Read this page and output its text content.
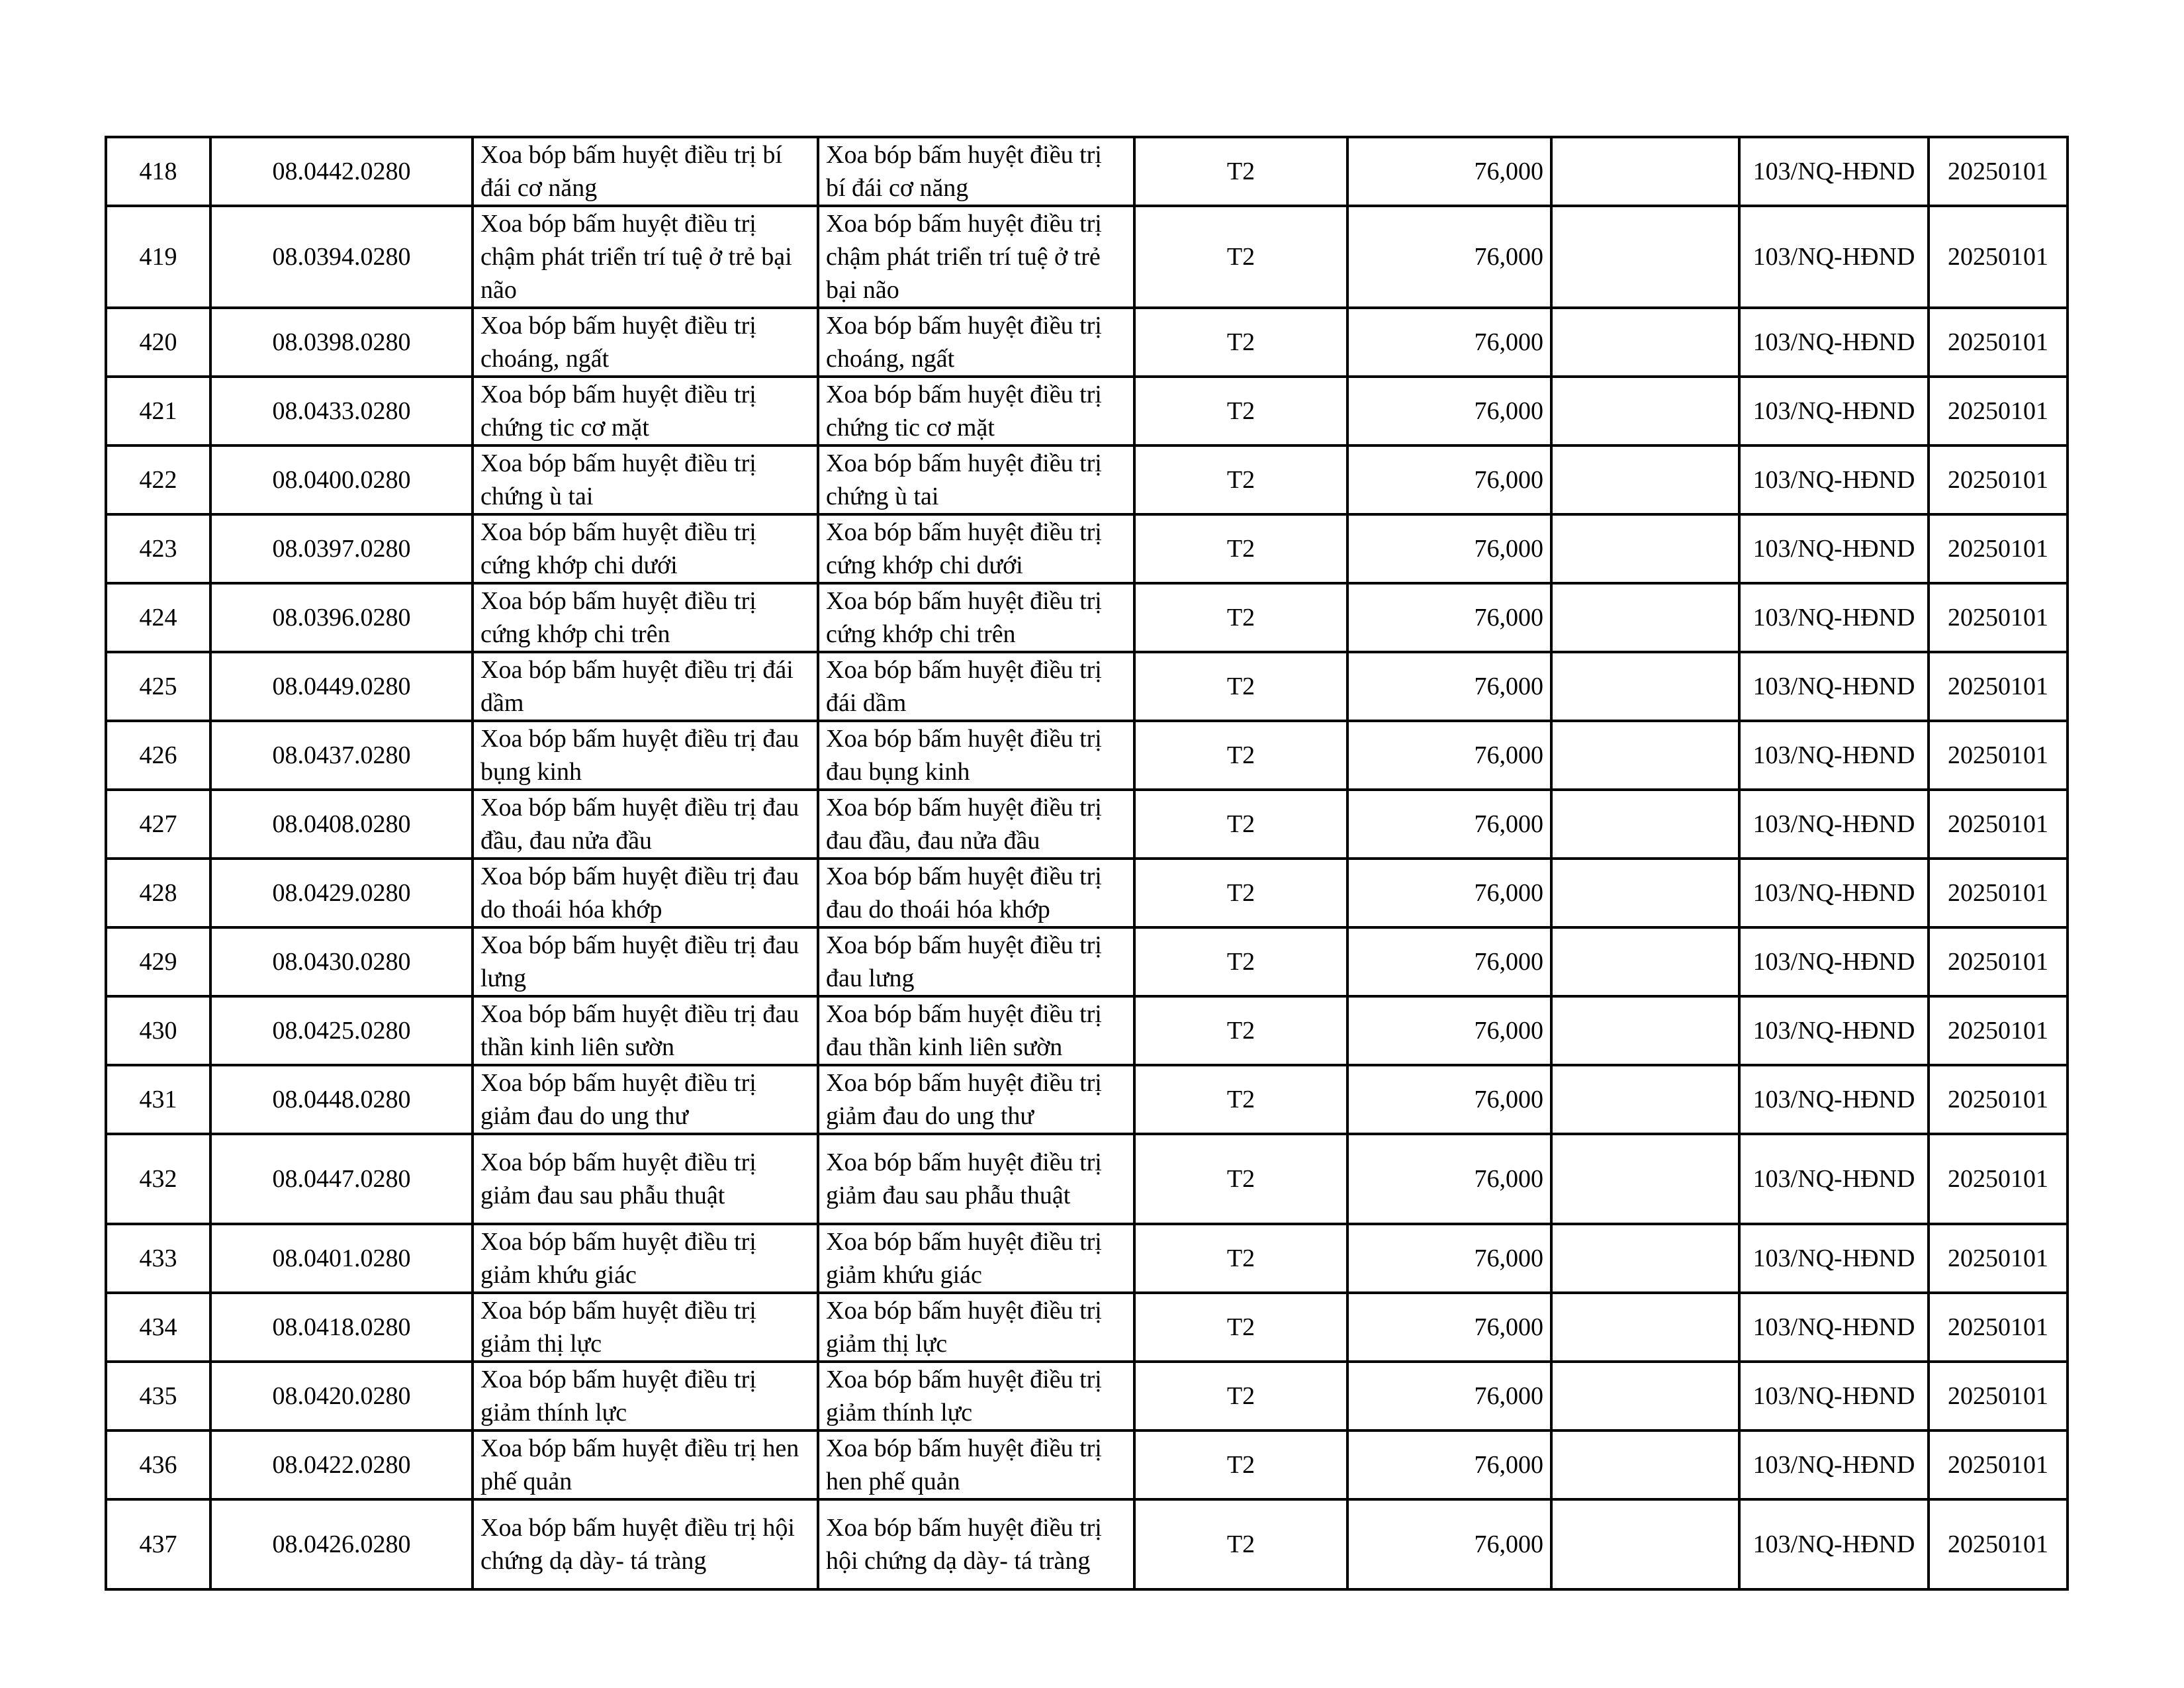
418	08.0442.0280	Xoa bóp bấm huyệt điều trị bí đái cơ năng	Xoa bóp bấm huyệt điều trị bí đái cơ năng	T2	76,000		103/NQ-HĐND	20250101
419	08.0394.0280	Xoa bóp bấm huyệt điều trị chậm phát triển trí tuệ ở trẻ bại não	Xoa bóp bấm huyệt điều trị chậm phát triển trí tuệ ở trẻ bại não	T2	76,000		103/NQ-HĐND	20250101
420	08.0398.0280	Xoa bóp bấm huyệt điều trị choáng, ngất	Xoa bóp bấm huyệt điều trị choáng, ngất	T2	76,000		103/NQ-HĐND	20250101
421	08.0433.0280	Xoa bóp bấm huyệt điều trị chứng tic cơ mặt	Xoa bóp bấm huyệt điều trị chứng tic cơ mặt	T2	76,000		103/NQ-HĐND	20250101
422	08.0400.0280	Xoa bóp bấm huyệt điều trị chứng ù tai	Xoa bóp bấm huyệt điều trị chứng ù tai	T2	76,000		103/NQ-HĐND	20250101
423	08.0397.0280	Xoa bóp bấm huyệt điều trị cứng khớp chi dưới	Xoa bóp bấm huyệt điều trị cứng khớp chi dưới	T2	76,000		103/NQ-HĐND	20250101
424	08.0396.0280	Xoa bóp bấm huyệt điều trị cứng khớp chi trên	Xoa bóp bấm huyệt điều trị cứng khớp chi trên	T2	76,000		103/NQ-HĐND	20250101
425	08.0449.0280	Xoa bóp bấm huyệt điều trị đái dầm	Xoa bóp bấm huyệt điều trị đái dầm	T2	76,000		103/NQ-HĐND	20250101
426	08.0437.0280	Xoa bóp bấm huyệt điều trị đau bụng kinh	Xoa bóp bấm huyệt điều trị đau bụng kinh	T2	76,000		103/NQ-HĐND	20250101
427	08.0408.0280	Xoa bóp bấm huyệt điều trị đau đầu, đau nửa đầu	Xoa bóp bấm huyệt điều trị đau đầu, đau nửa đầu	T2	76,000		103/NQ-HĐND	20250101
428	08.0429.0280	Xoa bóp bấm huyệt điều trị đau do thoái hóa khớp	Xoa bóp bấm huyệt điều trị đau do thoái hóa khớp	T2	76,000		103/NQ-HĐND	20250101
429	08.0430.0280	Xoa bóp bấm huyệt điều trị đau lưng	Xoa bóp bấm huyệt điều trị đau lưng	T2	76,000		103/NQ-HĐND	20250101
430	08.0425.0280	Xoa bóp bấm huyệt điều trị đau thần kinh liên sườn	Xoa bóp bấm huyệt điều trị đau thần kinh liên sườn	T2	76,000		103/NQ-HĐND	20250101
431	08.0448.0280	Xoa bóp bấm huyệt điều trị giảm đau do ung thư	Xoa bóp bấm huyệt điều trị giảm đau do ung thư	T2	76,000		103/NQ-HĐND	20250101
432	08.0447.0280	Xoa bóp bấm huyệt điều trị giảm đau sau phẫu thuật	Xoa bóp bấm huyệt điều trị giảm đau sau phẫu thuật	T2	76,000		103/NQ-HĐND	20250101
433	08.0401.0280	Xoa bóp bấm huyệt điều trị giảm khứu giác	Xoa bóp bấm huyệt điều trị giảm khứu giác	T2	76,000		103/NQ-HĐND	20250101
434	08.0418.0280	Xoa bóp bấm huyệt điều trị giảm thị lực	Xoa bóp bấm huyệt điều trị giảm thị lực	T2	76,000		103/NQ-HĐND	20250101
435	08.0420.0280	Xoa bóp bấm huyệt điều trị giảm thính lực	Xoa bóp bấm huyệt điều trị giảm thính lực	T2	76,000		103/NQ-HĐND	20250101
436	08.0422.0280	Xoa bóp bấm huyệt điều trị hen phế quản	Xoa bóp bấm huyệt điều trị hen phế quản	T2	76,000		103/NQ-HĐND	20250101
437	08.0426.0280	Xoa bóp bấm huyệt điều trị hội chứng dạ dày- tá tràng	Xoa bóp bấm huyệt điều trị hội chứng dạ dày- tá tràng	T2	76,000		103/NQ-HĐND	20250101
